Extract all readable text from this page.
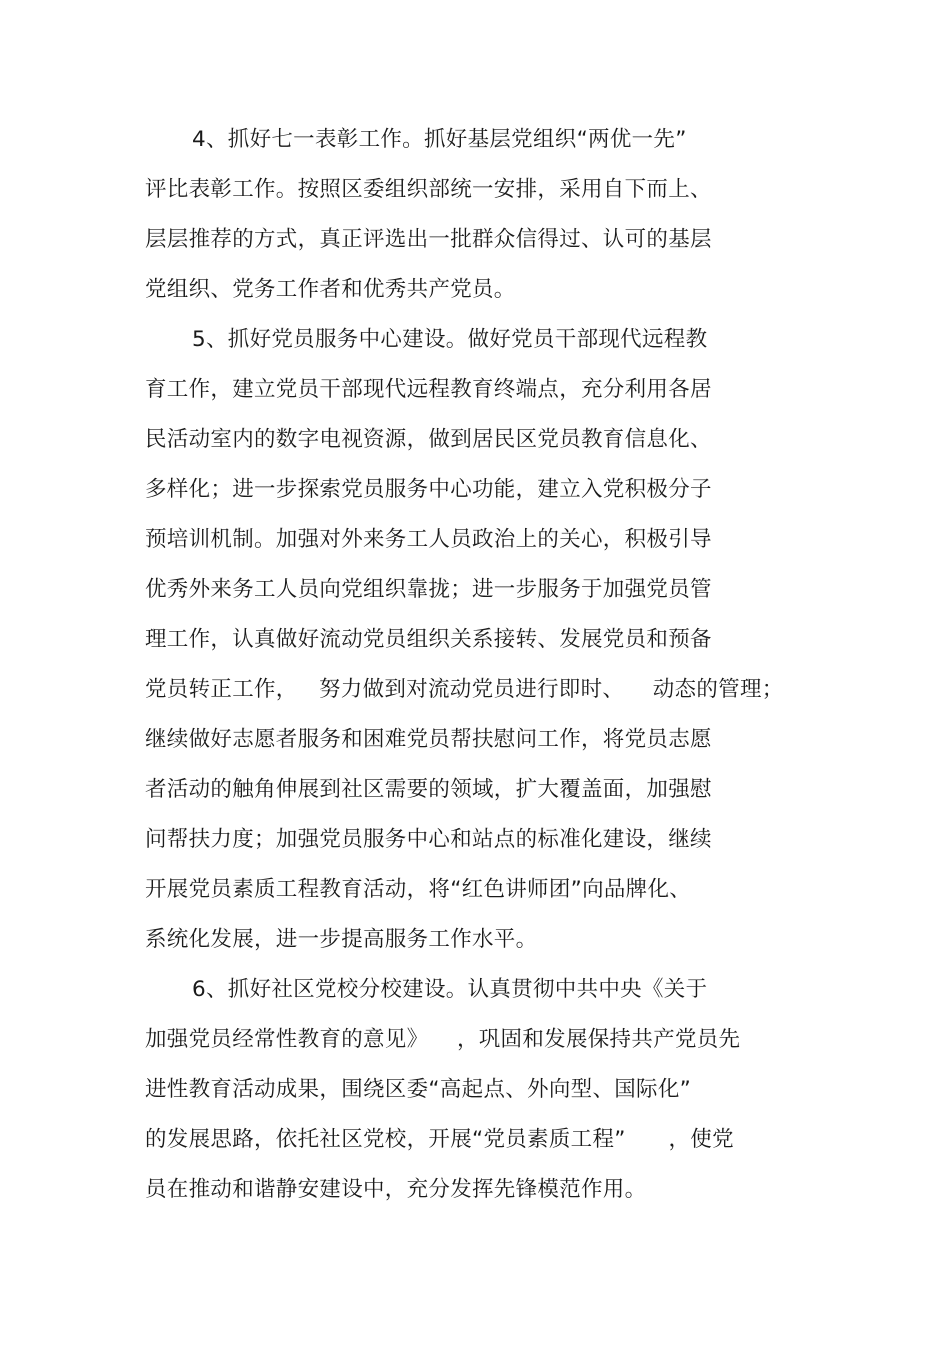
4、抓好七一表彰工作。抓好基层党组织“两优一先”
评比表彰工作。按照区委组织部统一安排，采用自下而上、
层层推荐的方式，真正评选出一批群众信得过、认可的基层
党组织、党务工作者和优秀共产党员。
5、抓好党员服务中心建设。做好党员干部现代远程教
育工作，建立党员干部现代远程教育终端点，充分利用各居
民活动室内的数字电视资源，做到居民区党员教育信息化、
多样化；进一步探索党员服务中心功能，建立入党积极分子
预培训机制。加强对外来务工人员政治上的关心，积极引导
优秀外来务工人员向党组织靠拢；进一步服务于加强党员管
理工作，认真做好流动党员组织关系接转、发展党员和预备
党员转正工作，   努力做到对流动党员进行即时、    动态的管理；
继续做好志愿者服务和困难党员帮扶慰问工作，将党员志愿
者活动的触角伸展到社区需要的领域，扩大覆盖面，加强慰
问帮扶力度；加强党员服务中心和站点的标准化建设，继续
开展党员素质工程教育活动，将“红色讲师团”向品牌化、
系统化发展，进一步提高服务工作水平。
6、抓好社区党校分校建设。认真贯彻中共中央《关于
加强党员经常性教育的意见》    ，巩固和发展保持共产党员先
进性教育活动成果，围绕区委“高起点、外向型、国际化”
的发展思路，依托社区党校，开展“党员素质工程”      ，使党
员在推动和谐静安建设中，充分发挥先锋模范作用。
